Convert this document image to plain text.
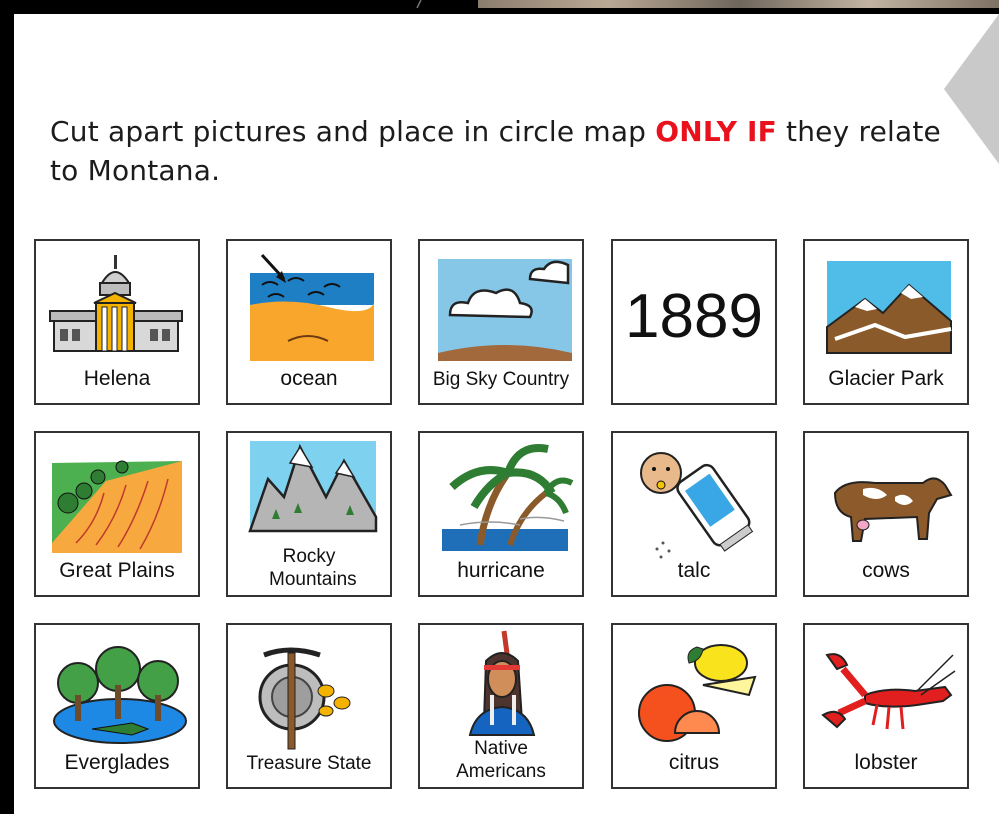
Cut apart pictures and place in circle map ONLY IF they relate to Montana.
Helena	ocean	Big Sky Country
1889
Glacier Park
Great Plains
Rocky Mountains	hurricane	talc	cows
Everglades	Treasure State
Native Americans	citrus	lobster
